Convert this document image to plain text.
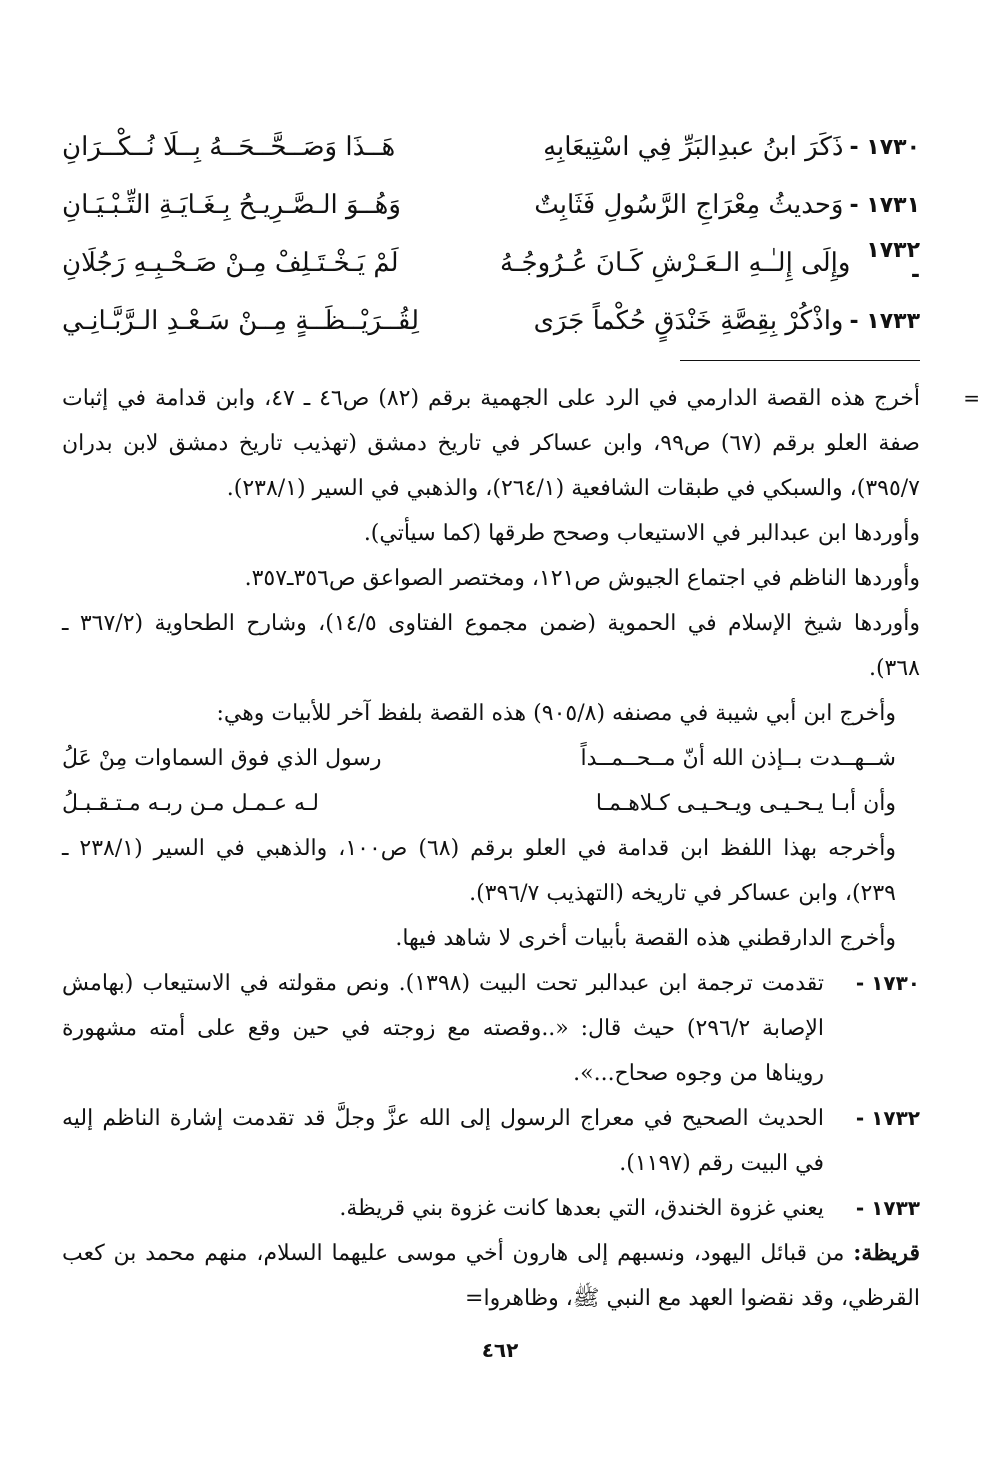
١٧٣٠ -
ذَكَرَ ابنُ عبدِالبَرِّ فِي اسْتِيعَابِهِ
هَــذَا وَصَــحَّــحَــهُ بِــلَا نُــكْــرَانِ
١٧٣١ -
وَحديثُ مِعْرَاجِ الرَّسُولِ فَثَابِتٌ
وَهُــوَ الـصَّـرِيـحُ بِـغَـايَـةِ التِّـبْـيَـانِ
١٧٣٢ -
وإِلَى إِلـٰـهِ الـعَـرْشِ كَـانَ عُـرُوجُـهُ
لَمْ يَـخْـتَـلِفْ مِـنْ صَـحْـبِـهِ رَجُلَانِ
١٧٣٣ -
واذْكُرْ بِقِصَّةِ خَنْدَقٍ حُكْماً جَرَى
لِقُــرَيْــظَــةٍ مِــنْ سَـعْـدِ الـرَّبَّـانِـي
=

أخرج هذه القصة الدارمي في الرد على الجهمية برقم (٨٢) ص٤٦ ـ ٤٧، وابن قدامة في إثبات صفة العلو برقم (٦٧) ص٩٩، وابن عساكر في تاريخ دمشق (تهذيب تاريخ دمشق لابن بدران ٣٩٥/٧)، والسبكي في طبقات الشافعية (٢٦٤/١)، والذهبي في السير (٢٣٨/١).

وأوردها ابن عبدالبر في الاستيعاب وصحح طرقها (كما سيأتي).

وأوردها الناظم في اجتماع الجيوش ص١٢١، ومختصر الصواعق ص٣٥٦ـ٣٥٧.

وأوردها شيخ الإسلام في الحموية (ضمن مجموع الفتاوى ١٤/٥)، وشارح الطحاوية (٣٦٧/٢ ـ ٣٦٨).

وأخرج ابن أبي شيبة في مصنفه (٩٠٥/٨) هذه القصة بلفظ آخر للأبيات وهي:

شــهــدت بــإذن الله أنّ مــحــمــداً
رسول الذي فوق السماوات مِنْ عَلُ
وأن أبـا يـحـيـى ويـحـيـى كـلاهـمـا
لـه عـمـل مـن ربـه مـتـقـبـلُ

وأخرجه بهذا اللفظ ابن قدامة في العلو برقم (٦٨) ص١٠٠، والذهبي في السير (٢٣٨/١ ـ ٢٣٩)، وابن عساكر في تاريخه (التهذيب ٣٩٦/٧).

وأخرج الدارقطني هذه القصة بأبيات أخرى لا شاهد فيها.

١٧٣٠ -
تقدمت ترجمة ابن عبدالبر تحت البيت (١٣٩٨). ونص مقولته في الاستيعاب (بهامش الإصابة ٢٩٦/٢) حيث قال: «..وقصته مع زوجته في حين وقع على أمته مشهورة رويناها من وجوه صحاح...».
١٧٣٢ -
الحديث الصحيح في معراج الرسول إلى الله عزَّ وجلَّ قد تقدمت إشارة الناظم إليه في البيت رقم (١١٩٧).
١٧٣٣ -
يعني غزوة الخندق، التي بعدها كانت غزوة بني قريظة.

قريظة: من قبائل اليهود، ونسبهم إلى هارون أخي موسى عليهما السلام، منهم محمد بن كعب القرظي، وقد نقضوا العهد مع النبي ﷺ، وظاهروا=

٤٦٢
